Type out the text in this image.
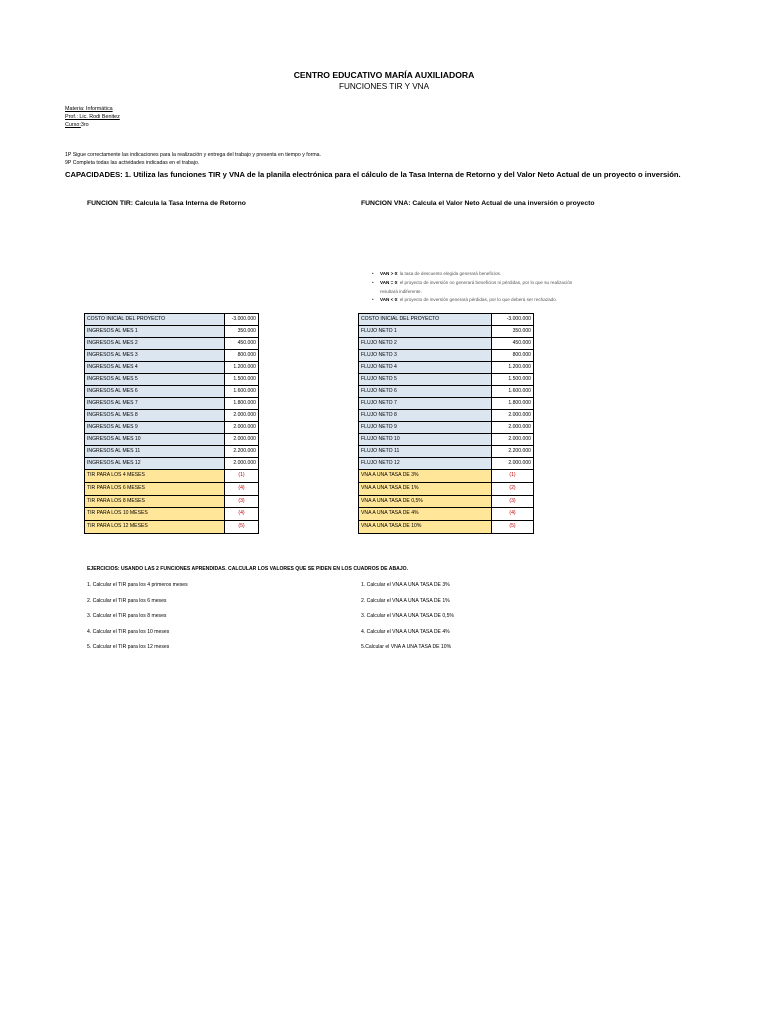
CENTRO EDUCATIVO MARÍA AUXILIADORA
FUNCIONES TIR Y VNA
Materia: Informática
Prof.: Lic. Rodi Benitez
Curso:3ro
1P Sigue correctamente las indicaciones para la realización y entrega del trabajo y presenta en tiempo y forma.
9P Completa todas las actividades indicadas en el trabajo.
CAPACIDADES: 1. Utiliza las funciones TIR y VNA de la planila electrónica para el cálculo de la Tasa Interna de Retorno y del Valor Neto Actual de un proyecto o inversión.
FUNCION TIR: Calcula la Tasa Interna de Retorno	FUNCION VNA: Calcula el Valor Neto Actual de una inversión o proyecto
• VAN > 0: la tasa de descuento elegida generará beneficios.
• VAN = 0: el proyecto de inversión no generará beneficios ni pérdidas, por lo que su realización
resultará indiferente.
• VAN < 0: el proyecto de inversión generará pérdidas, por lo que deberá ser rechazado.
COSTO INICIAL DEL PROYECTO	-3.000.000
INGRESOS AL MES 1	350.000
INGRESOS AL MES 2	450.000
INGRESOS AL MES 3	800.000
INGRESOS AL MES 4	1.200.000
INGRESOS AL MES 5	1.500.000
INGRESOS AL MES 6	1.600.000
INGRESOS AL MES 7	1.800.000
INGRESOS AL MES 8	2.000.000
INGRESOS AL MES 9	2.000.000
INGRESOS AL MES 10	2.000.000
INGRESOS AL MES 11	2.200.000
INGRESOS AL MES 12	2.000.000
TIR PARA LOS 4 MESES	(1)
TIR PARA LOS 6 MESES	(4)
TIR PARA LOS 8 MESES	(3)
TIR PARA LOS 10 MESES	(4)
TIR PARA LOS 12 MESES	(5)
COSTO INICIAL DEL PROYECTO	-3.000.000
FLUJO NETO 1	350.000
FLUJO NETO 2	450.000
FLUJO NETO 3	800.000
FLUJO NETO 4	1.200.000
FLUJO NETO 5	1.500.000
FLUJO NETO 6	1.600.000
FLUJO NETO 7	1.800.000
FLUJO NETO 8	2.000.000
FLUJO NETO 9	2.000.000
FLUJO NETO 10	2.000.000
FLUJO NETO 11	2.200.000
FLUJO NETO 12	2.000.000
VNA A UNA TASA DE 3%	(1)
VNA A UNA TASA DE 1%	(2)
VNA A UNA TASA DE 0,5%	(3)
VNA A UNA TASA DE 4%	(4)
VNA A UNA TASA DE 10%	(5)
EJERCICIOS: USANDO LAS 2 FUNCIONES APRENDIDAS. CALCULAR LOS VALORES QUE SE PIDEN EN LOS CUADROS DE ABAJO.
1. Calcular el TIR para los 4 primeros meses
2. Calcular el TIR para los 6 meses
3. Calcular el TIR para los 8 meses
4. Calcular el TIR para los 10 meses
5. Calcular el TIR para los 12 meses
1. Calcular el VNA A UNA TASA DE 3%
2. Calcular el VNA A UNA TASA DE 1%
3. Calcular el VNA A UNA TASA DE 0,5%
4. Calcular el VNA A UNA TASA DE 4%
5.Calcular el VNA A UNA TASA DE 10%
